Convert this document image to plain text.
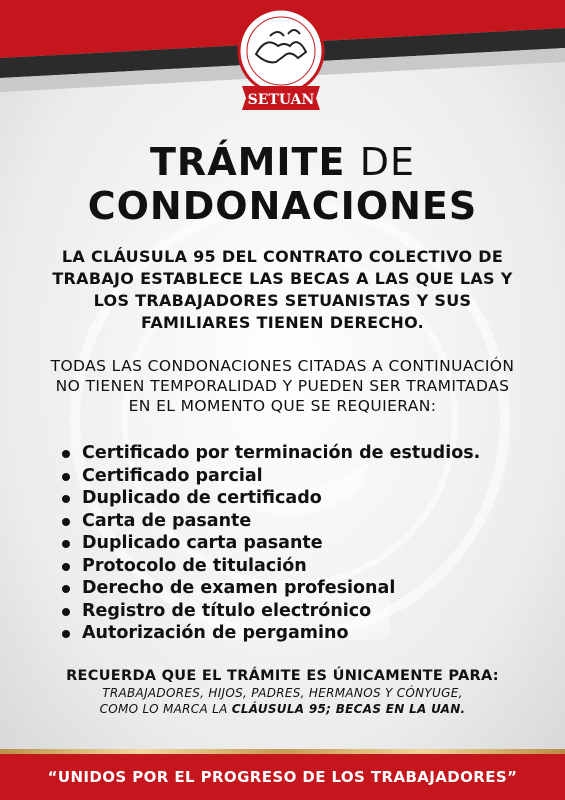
SETUAN
TRÁMITE DE
CONDONACIONES

LA CLÁUSULA 95 DEL CONTRATO COLECTIVO DE TRABAJO ESTABLECE LAS BECAS A LAS QUE LAS Y LOS TRABAJADORES SETUANISTAS Y SUS FAMILIARES TIENEN DERECHO.

TODAS LAS CONDONACIONES CITADAS A CONTINUACIÓN NO TIENEN TEMPORALIDAD Y PUEDEN SER TRAMITADAS EN EL MOMENTO QUE SE REQUIERAN:

Certificado por terminación de estudios.
Certificado parcial
Duplicado de certificado
Carta de pasante
Duplicado carta pasante
Protocolo de titulación
Derecho de examen profesional
Registro de título electrónico
Autorización de pergamino

RECUERDA QUE EL TRÁMITE ES ÚNICAMENTE PARA:

TRABAJADORES, HIJOS, PADRES, HERMANOS Y CÓNYUGE,

COMO LO MARCA LA CLÁUSULA 95; BECAS EN LA UAN.

“UNIDOS POR EL PROGRESO DE LOS TRABAJADORES”
